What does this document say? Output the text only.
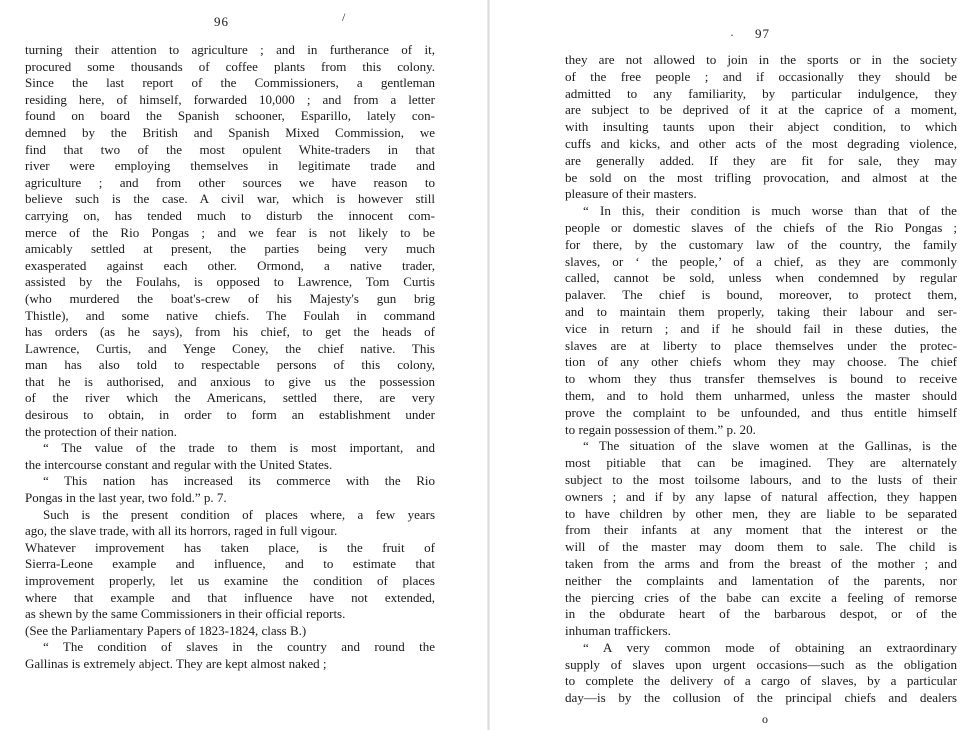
96	/
turning their attention to agriculture ; and in furtherance of it,
procured some thousands of coffee plants from this colony.
Since the last report of the Commissioners, a gentleman
residing here, of himself, forwarded 10,000 ; and from a letter
found on board the Spanish schooner, Esparillo, lately con-
demned by the British and Spanish Mixed Commission, we
find that two of the most opulent White-traders in that
river were employing themselves in legitimate trade and
agriculture ; and from other sources we have reason to
believe such is the case. A civil war, which is however still
carrying on, has tended much to disturb the innocent com-
merce of the Rio Pongas ; and we fear is not likely to be
amicably settled at present, the parties being very much
exasperated against each other. Ormond, a native trader,
assisted by the Foulahs, is opposed to Lawrence, Tom Curtis
(who murdered the boat's-crew of his Majesty's gun brig
Thistle), and some native chiefs. The Foulah in command
has orders (as he says), from his chief, to get the heads of
Lawrence, Curtis, and Yenge Coney, the chief native. This
man has also told to respectable persons of this colony,
that he is authorised, and anxious to give us the possession
of the river which the Americans, settled there, are very
desirous to obtain, in order to form an establishment under
the protection of their nation.
“ The value of the trade to them is most important, and
the intercourse constant and regular with the United States.
“ This nation has increased its commerce with the Rio
Pongas in the last year, two fold.” p. 7.
Such is the present condition of places where, a few years
ago, the slave trade, with all its horrors, raged in full vigour.
Whatever improvement has taken place, is the fruit of
Sierra-Leone example and influence, and to estimate that
improvement properly, let us examine the condition of places
where that example and that influence have not extended,
as shewn by the same Commissioners in their official reports.
(See the Parliamentary Papers of 1823-1824, class B.)
“ The condition of slaves in the country and round the
Gallinas is extremely abject. They are kept almost naked ;
· 97
they are not allowed to join in the sports or in the society
of the free people ; and if occasionally they should be
admitted to any familiarity, by particular indulgence, they
are subject to be deprived of it at the caprice of a moment,
with insulting taunts upon their abject condition, to which
cuffs and kicks, and other acts of the most degrading violence,
are generally added. If they are fit for sale, they may
be sold on the most trifling provocation, and almost at the
pleasure of their masters.
“ In this, their condition is much worse than that of the
people or domestic slaves of the chiefs of the Rio Pongas ;
for there, by the customary law of the country, the family
slaves, or ‘ the people,’ of a chief, as they are commonly
called, cannot be sold, unless when condemned by regular
palaver. The chief is bound, moreover, to protect them,
and to maintain them properly, taking their labour and ser-
vice in return ; and if he should fail in these duties, the
slaves are at liberty to place themselves under the protec-
tion of any other chiefs whom they may choose. The chief
to whom they thus transfer themselves is bound to receive
them, and to hold them unharmed, unless the master should
prove the complaint to be unfounded, and thus entitle himself
to regain possession of them.” p. 20.
“ The situation of the slave women at the Gallinas, is the
most pitiable that can be imagined. They are alternately
subject to the most toilsome labours, and to the lusts of their
owners ; and if by any lapse of natural affection, they happen
to have children by other men, they are liable to be separated
from their infants at any moment that the interest or the
will of the master may doom them to sale. The child is
taken from the arms and from the breast of the mother ; and
neither the complaints and lamentation of the parents, nor
the piercing cries of the babe can excite a feeling of remorse
in the obdurate heart of the barbarous despot, or of the
inhuman traffickers.
“ A very common mode of obtaining an extraordinary
supply of slaves upon urgent occasions—such as the obligation
to complete the delivery of a cargo of slaves, by a particular
day—is by the collusion of the principal chiefs and dealers
o
